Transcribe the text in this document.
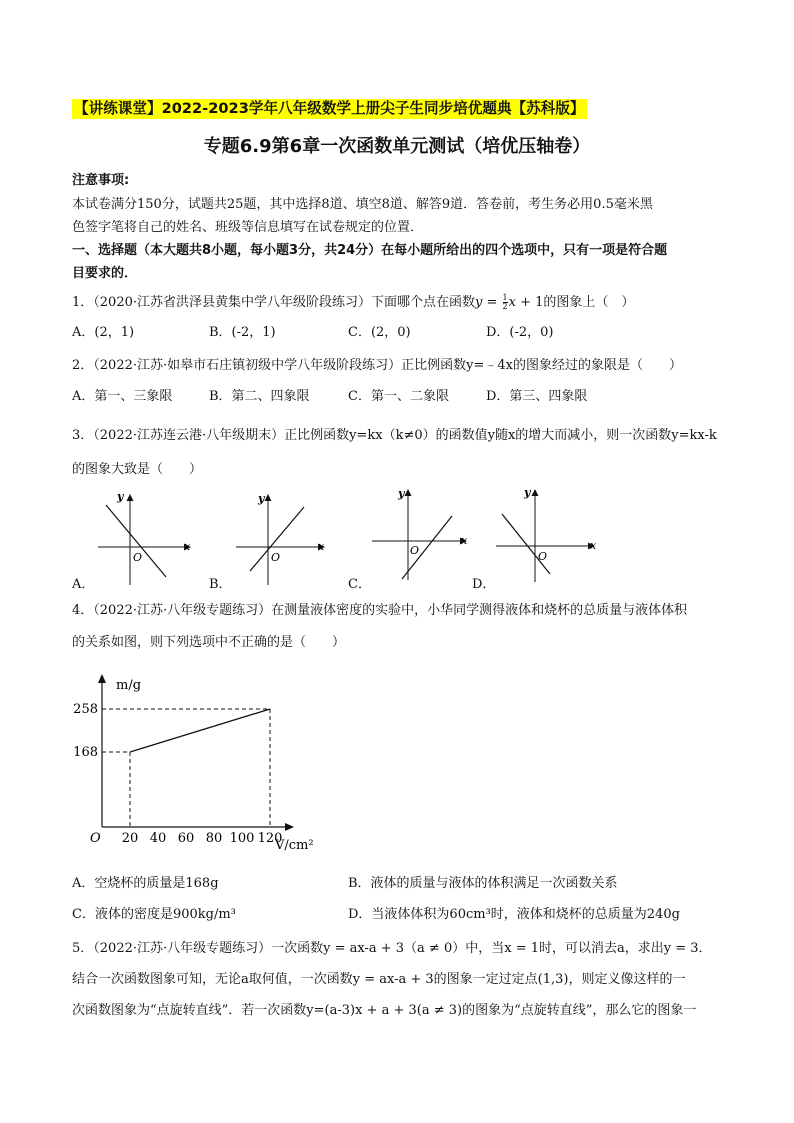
【讲练课堂】2022-2023学年八年级数学上册尖子生同步培优题典【苏科版】
专题6.9第6章一次函数单元测试（培优压轴卷）
注意事项:
本试卷满分150分，试题共25题，其中选择8道、填空8道、解答9道．答卷前，考生务必用0.5毫米黑
色签字笔将自己的姓名、班级等信息填写在试卷规定的位置．
一、选择题（本大题共8小题，每小题3分，共24分）在每小题所给出的四个选项中，只有一项是符合题
目要求的．
1．（2020·江苏省洪泽县黄集中学八年级阶段练习）下面哪个点在函数$y = \frac{1}{2}$ x + 1的图象上（　）
A．(2，1)	B．(-2，1)	C．(2，0)	D．(-2，0)
2．（2022·江苏·如皋市石庄镇初级中学八年级阶段练习）正比例函数y=﹣4x的图象经过的象限是（　　）
A．第一、三象限	B．第二、四象限	C．第一、二象限	D．第三、四象限
3．（2022·江苏连云港·八年级期末）正比例函数y=kx（k≠0）的函数值y随x的增大而减小，则一次函数y=kx-k
的图象大致是（　　）
y
x
O
y
x
O
y
x
O
y
x
O
A．	B．	C．	D．
4．（2022·江苏·八年级专题练习）在测量液体密度的实验中，小华同学测得液体和烧杯的总质量与液体体积
的关系如图，则下列选项中不正确的是（　　）
m/g
V/cm²
O 20 40 60 80 100 120
168
258
A．空烧杯的质量是168g	B．液体的质量与液体的体积满足一次函数关系
C．液体的密度是900kg/m³	D．当液体体积为60cm³时，液体和烧杯的总质量为240g
5．（2022·江苏·八年级专题练习）一次函数y = ax-a + 3（a ≠ 0）中，当x = 1时，可以消去a，求出y = 3．
结合一次函数图象可知，无论a取何值，一次函数y = ax-a + 3的图象一定过定点(1,3)，则定义像这样的一
次函数图象为“点旋转直线”．若一次函数y=(a-3)x + a + 3(a ≠ 3)的图象为“点旋转直线”，那么它的图象一
